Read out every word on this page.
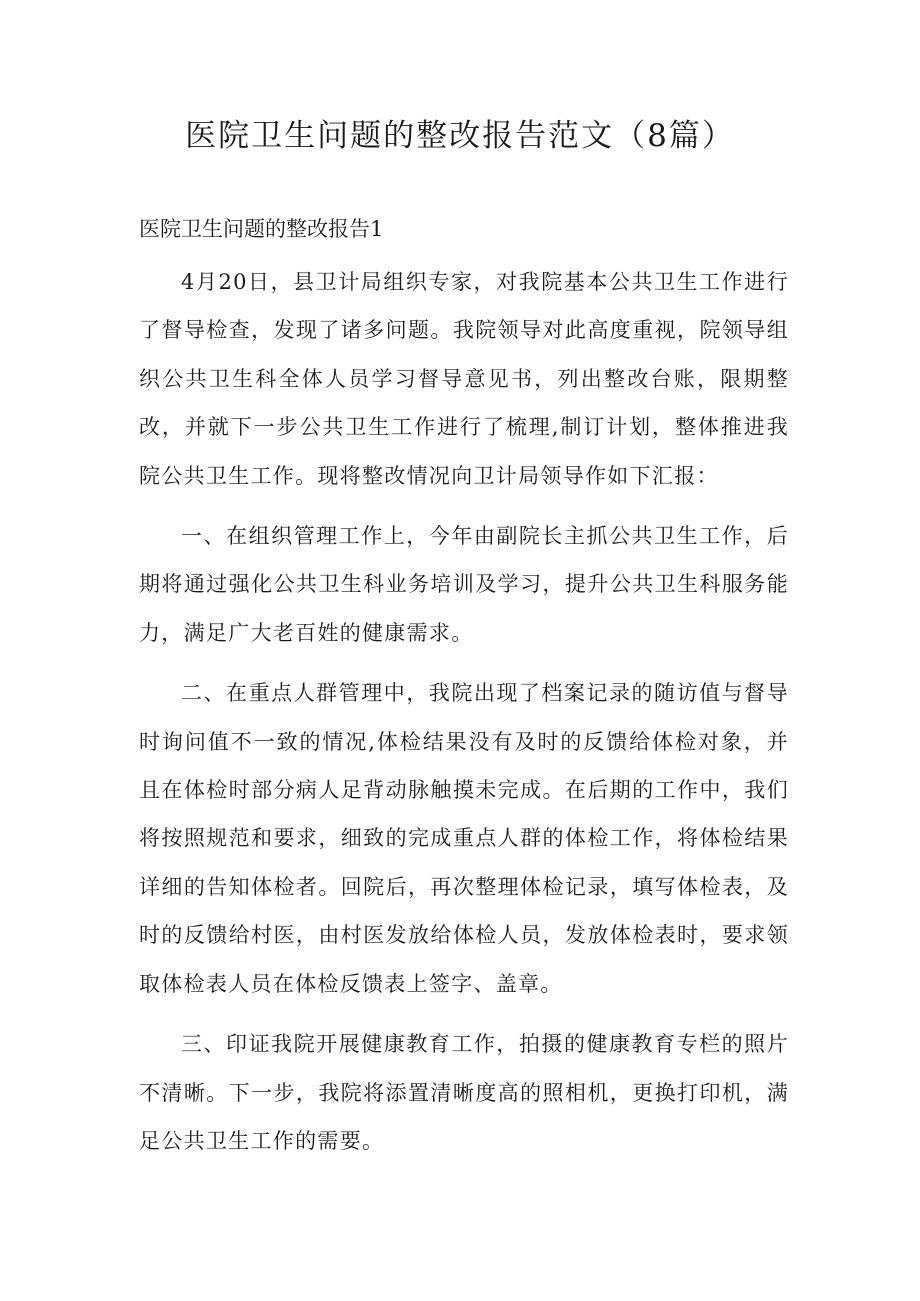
医院卫生问题的整改报告范文（8篇）
医院卫生问题的整改报告1

4月20日，县卫计局组织专家，对我院基本公共卫生工作进行了督导检查，发现了诸多问题。我院领导对此高度重视，院领导组织公共卫生科全体人员学习督导意见书，列出整改台账，限期整改，并就下一步公共卫生工作进行了梳理,制订计划，整体推进我院公共卫生工作。现将整改情况向卫计局领导作如下汇报：

一、在组织管理工作上，今年由副院长主抓公共卫生工作，后期将通过强化公共卫生科业务培训及学习，提升公共卫生科服务能力，满足广大老百姓的健康需求。

二、在重点人群管理中，我院出现了档案记录的随访值与督导时询问值不一致的情况,体检结果没有及时的反馈给体检对象，并且在体检时部分病人足背动脉触摸未完成。在后期的工作中，我们将按照规范和要求，细致的完成重点人群的体检工作，将体检结果详细的告知体检者。回院后，再次整理体检记录，填写体检表，及时的反馈给村医，由村医发放给体检人员，发放体检表时，要求领取体检表人员在体检反馈表上签字、盖章。

三、印证我院开展健康教育工作，拍摄的健康教育专栏的照片不清晰。下一步，我院将添置清晰度高的照相机，更换打印机，满足公共卫生工作的需要。
